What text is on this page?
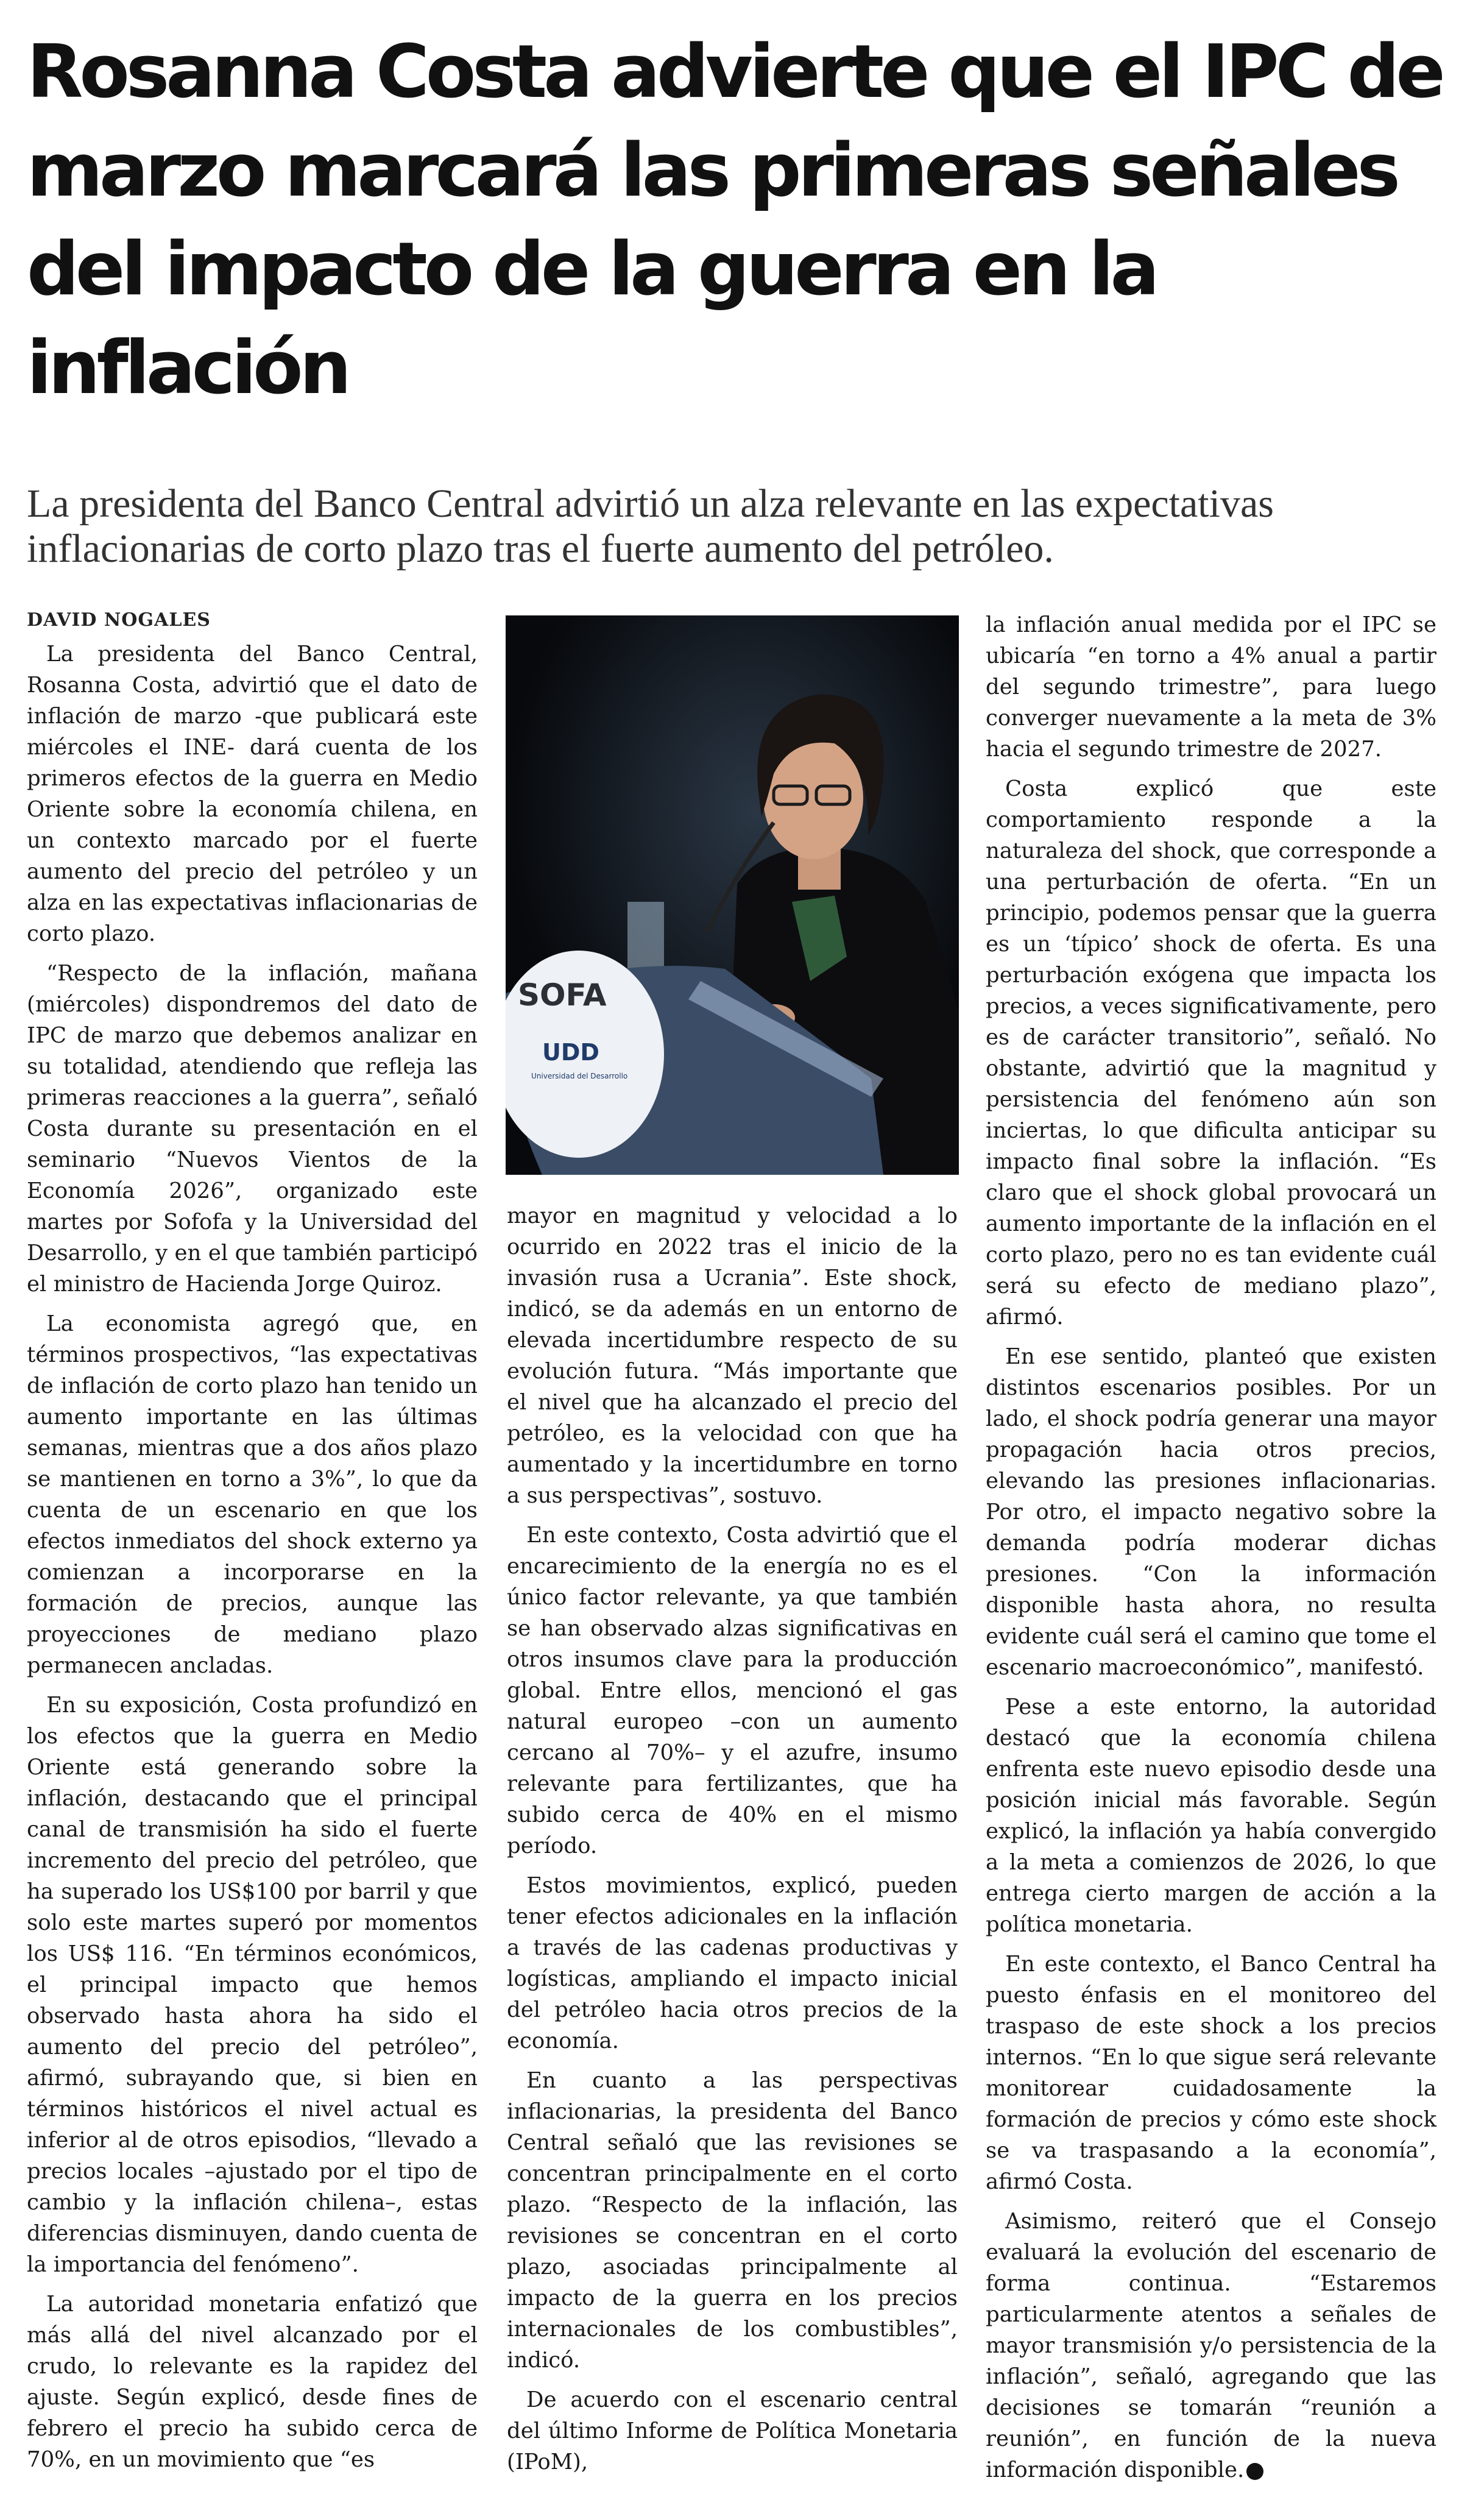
Rosanna Costa advierte que el IPC de marzo marcará las primeras señales del impacto de la guerra en la inflación

La presidenta del Banco Central advirtió un alza relevante en las expectativas inflacionarias de corto plazo tras el fuerte aumento del petróleo.

DAVID NOGALES

La presidenta del Banco Central, Rosanna Costa, advirtió que el dato de inflación de marzo -que publicará este miércoles el INE- dará cuenta de los primeros efectos de la guerra en Medio Oriente sobre la economía chilena, en un contexto marcado por el fuerte aumento del precio del petróleo y un alza en las expectativas inflacionarias de corto plazo.

“Respecto de la inflación, mañana (miércoles) dispondremos del dato de IPC de marzo que debemos analizar en su totalidad, atendiendo que refleja las primeras reacciones a la guerra”, señaló Costa durante su presentación en el seminario “Nuevos Vientos de la Economía 2026”, organizado este martes por Sofofa y la Universidad del Desarrollo, y en el que también participó el ministro de Hacienda Jorge Quiroz.

La economista agregó que, en términos prospectivos, “las expectativas de inflación de corto plazo han tenido un aumento importante en las últimas semanas, mientras que a dos años plazo se mantienen en torno a 3%”, lo que da cuenta de un escenario en que los efectos inmediatos del shock externo ya comienzan a incorporarse en la formación de precios, aunque las proyecciones de mediano plazo permanecen ancladas.

En su exposición, Costa profundizó en los efectos que la guerra en Medio Oriente está generando sobre la inflación, destacando que el principal canal de transmisión ha sido el fuerte incremento del precio del petróleo, que ha superado los US$100 por barril y que solo este martes superó por momentos los US$ 116. “En términos económicos, el principal impacto que hemos observado hasta ahora ha sido el aumento del precio del petróleo”, afirmó, subrayando que, si bien en términos históricos el nivel actual es inferior al de otros episodios, “llevado a precios locales –ajustado por el tipo de cambio y la inflación chilena–, estas diferencias disminuyen, dando cuenta de la importancia del fenómeno”.

La autoridad monetaria enfatizó que más allá del nivel alcanzado por el crudo, lo relevante es la rapidez del ajuste. Según explicó, desde fines de febrero el precio ha subido cerca de 70%, en un movimiento que “es

SOFA
UDD
Universidad del Desarrollo

mayor en magnitud y velocidad a lo ocurrido en 2022 tras el inicio de la invasión rusa a Ucrania”. Este shock, indicó, se da además en un entorno de elevada incertidumbre respecto de su evolución futura. “Más importante que el nivel que ha alcanzado el precio del petróleo, es la velocidad con que ha aumentado y la incertidumbre en torno a sus perspectivas”, sostuvo.

En este contexto, Costa advirtió que el encarecimiento de la energía no es el único factor relevante, ya que también se han observado alzas significativas en otros insumos clave para la producción global. Entre ellos, mencionó el gas natural europeo –con un aumento cercano al 70%– y el azufre, insumo relevante para fertilizantes, que ha subido cerca de 40% en el mismo período.

Estos movimientos, explicó, pueden tener efectos adicionales en la inflación a través de las cadenas productivas y logísticas, ampliando el impacto inicial del petróleo hacia otros precios de la economía.

En cuanto a las perspectivas inflacionarias, la presidenta del Banco Central señaló que las revisiones se concentran principalmente en el corto plazo. “Respecto de la inflación, las revisiones se concentran en el corto plazo, asociadas principalmente al impacto de la guerra en los precios internacionales de los combustibles”, indicó.

De acuerdo con el escenario central del último Informe de Política Monetaria (IPoM),

la inflación anual medida por el IPC se ubicaría “en torno a 4% anual a partir del segundo trimestre”, para luego converger nuevamente a la meta de 3% hacia el segundo trimestre de 2027.

Costa explicó que este comportamiento responde a la naturaleza del shock, que corresponde a una perturbación de oferta. “En un principio, podemos pensar que la guerra es un ‘típico’ shock de oferta. Es una perturbación exógena que impacta los precios, a veces significativamente, pero es de carácter transitorio”, señaló. No obstante, advirtió que la magnitud y persistencia del fenómeno aún son inciertas, lo que dificulta anticipar su impacto final sobre la inflación. “Es claro que el shock global provocará un aumento importante de la inflación en el corto plazo, pero no es tan evidente cuál será su efecto de mediano plazo”, afirmó.

En ese sentido, planteó que existen distintos escenarios posibles. Por un lado, el shock podría generar una mayor propagación hacia otros precios, elevando las presiones inflacionarias. Por otro, el impacto negativo sobre la demanda podría moderar dichas presiones. “Con la información disponible hasta ahora, no resulta evidente cuál será el camino que tome el escenario macroeconómico”, manifestó.

Pese a este entorno, la autoridad destacó que la economía chilena enfrenta este nuevo episodio desde una posición inicial más favorable. Según explicó, la inflación ya había convergido a la meta a comienzos de 2026, lo que entrega cierto margen de acción a la política monetaria.

En este contexto, el Banco Central ha puesto énfasis en el monitoreo del traspaso de este shock a los precios internos. “En lo que sigue será relevante monitorear cuidadosamente la formación de precios y cómo este shock se va traspasando a la economía”, afirmó Costa.

Asimismo, reiteró que el Consejo evaluará la evolución del escenario de forma continua. “Estaremos particularmente atentos a señales de mayor transmisión y/o persistencia de la inflación”, señaló, agregando que las decisiones se tomarán “reunión a reunión”, en función de la nueva información disponible. P
